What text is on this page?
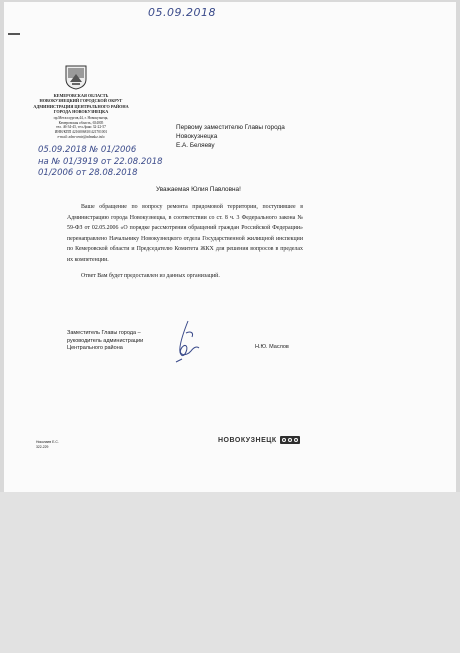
05.09.2018
КЕМЕРОВСКАЯ ОБЛАСТЬ
НОВОКУЗНЕЦКИЙ ГОРОДСКОЙ ОКРУГ
АДМИНИСТРАЦИЯ ЦЕНТРАЛЬНОГО РАЙОНА
ГОРОДА НОВОКУЗНЕЦКА
пр.Металлургов,44, г. Новокузнецк,
Кемеровская область, 654005
тел. 46-34-45, тел./факс 32-22-57
ИНН/КПП 4216006810/421701001
e-mail: adm-centr@admnkz.info
05.09.2018 № 01/2006
на № 01/3919 от 22.08.2018
01/2006 от 28.08.2018
Первому заместителю Главы города
Новокузнецка
Е.А. Беляеву
Уважаемая Юлия Павловна!

Ваше обращение по вопросу ремонта придомовой территории, поступившее в Администрацию города Новокузнецка, в соответствии со ст. 8 ч. 3 Федерального закона № 59-ФЗ от 02.05.2006 «О порядке рассмотрения обращений граждан Российской Федерации» перенаправлено Начальнику Новокузнецкого отдела Государственной жилищной инспекции по Кемеровской области и Председателю Комитета ЖКХ для решения вопросов в пределах их компетенции.

Ответ Вам будет предоставлен из данных организаций.

Заместитель Главы города –
руководитель администрации
Центрального района	Н.Ю. Маслов
Николаев Е.С.
322-229
НОВОКУЗНЕЦК
